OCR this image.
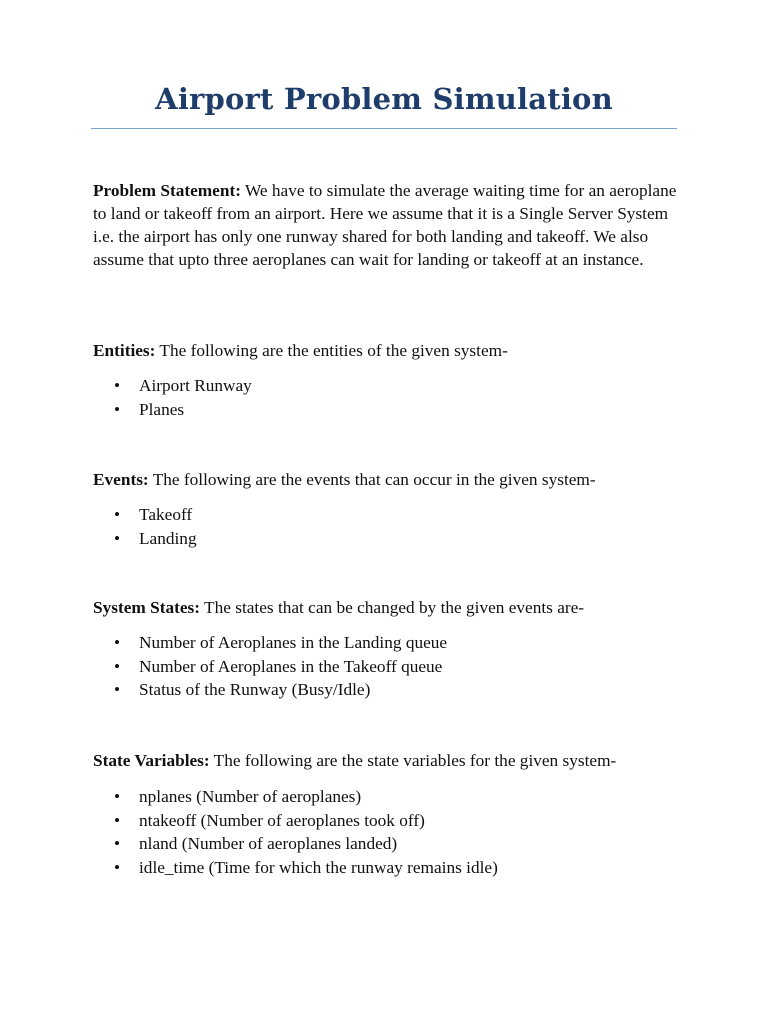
Airport Problem Simulation

Problem Statement: We have to simulate the average waiting time for an aeroplane to land or takeoff from an airport. Here we assume that it is a Single Server System i.e. the airport has only one runway shared for both landing and takeoff. We also assume that upto three aeroplanes can wait for landing or takeoff at an instance.

Entities: The following are the entities of the given system-

• Airport Runway
• Planes

Events: The following are the events that can occur in the given system-

• Takeoff
• Landing

System States: The states that can be changed by the given events are-

• Number of Aeroplanes in the Landing queue
• Number of Aeroplanes in the Takeoff queue
• Status of the Runway (Busy/Idle)

State Variables: The following are the state variables for the given system-

• nplanes (Number of aeroplanes)
• ntakeoff (Number of aeroplanes took off)
• nland (Number of aeroplanes landed)
• idle_time (Time for which the runway remains idle)
